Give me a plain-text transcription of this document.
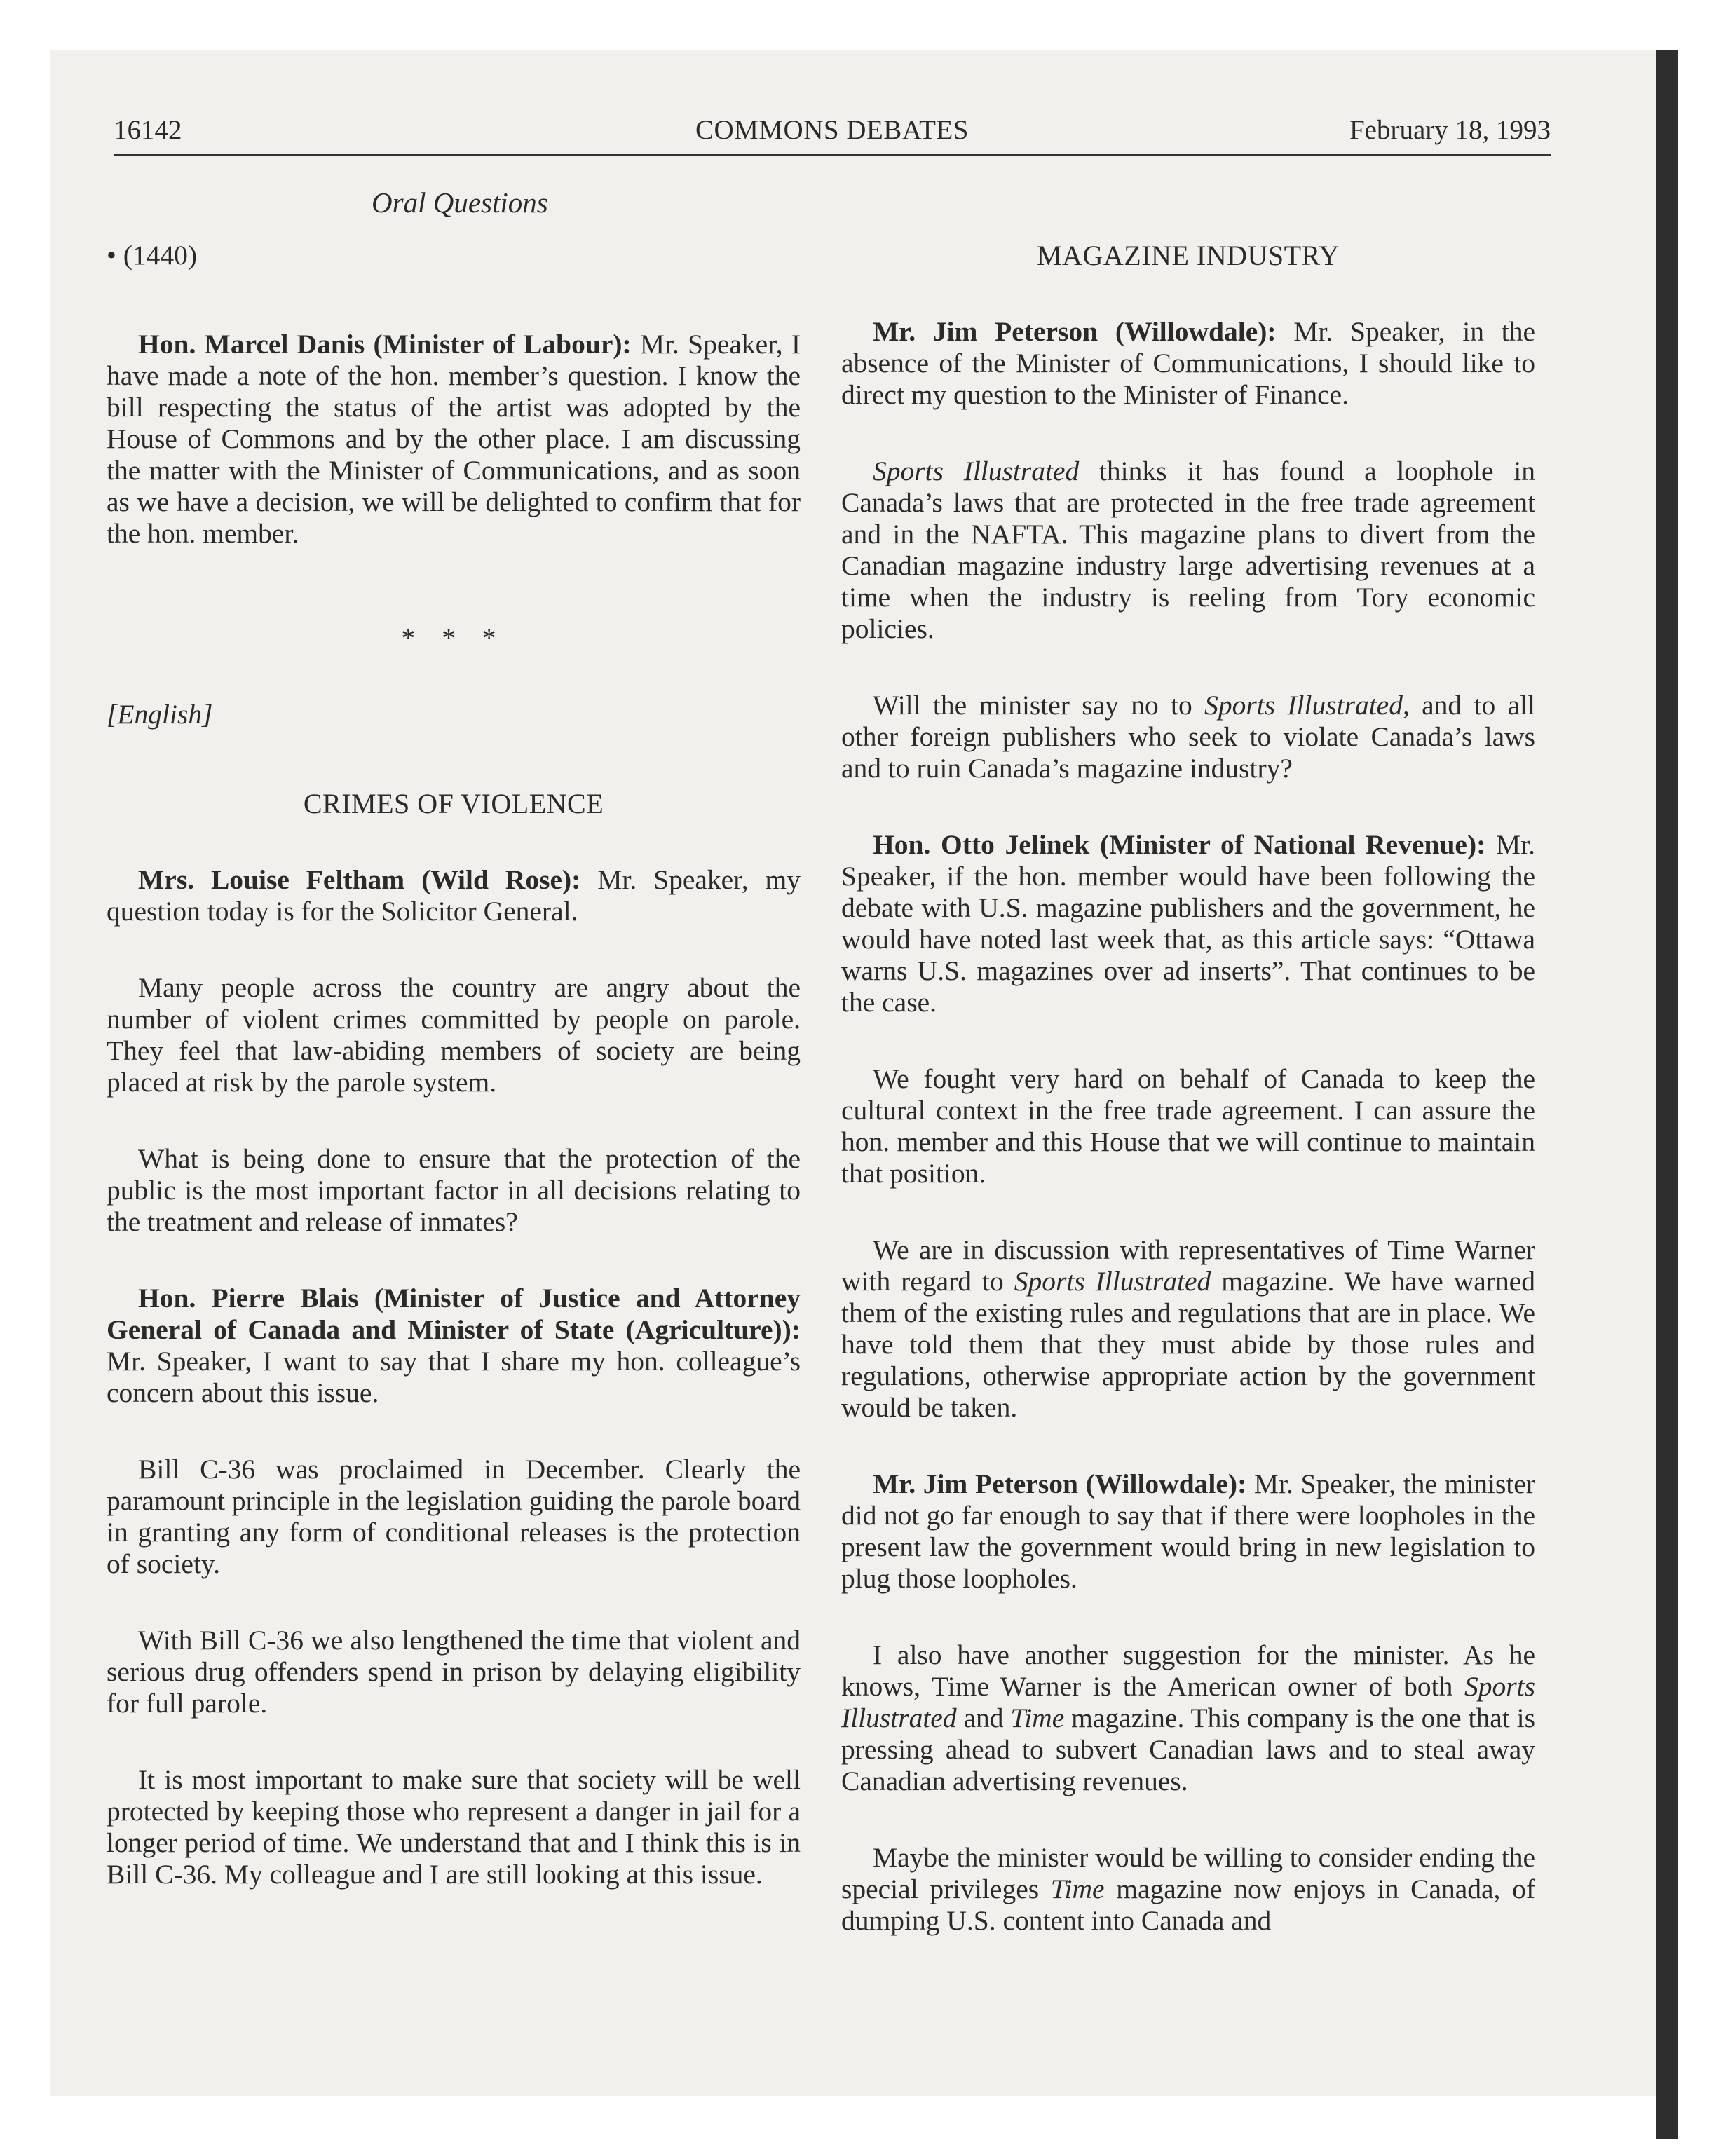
16142	COMMONS DEBATES	February 18, 1993
Oral Questions

• (1440)

Hon. Marcel Danis (Minister of Labour): Mr. Speaker, I have made a note of the hon. member’s question. I know the bill respecting the status of the artist was adopted by the House of Commons and by the other place. I am discussing the matter with the Minister of Communications, and as soon as we have a decision, we will be delighted to confirm that for the hon. member.

* * *

[English]

CRIMES OF VIOLENCE

Mrs. Louise Feltham (Wild Rose): Mr. Speaker, my question today is for the Solicitor General.

Many people across the country are angry about the number of violent crimes committed by people on parole. They feel that law-abiding members of society are being placed at risk by the parole system.

What is being done to ensure that the protection of the public is the most important factor in all decisions relating to the treatment and release of inmates?

Hon. Pierre Blais (Minister of Justice and Attorney General of Canada and Minister of State (Agriculture)): Mr. Speaker, I want to say that I share my hon. colleague’s concern about this issue.

Bill C-36 was proclaimed in December. Clearly the paramount principle in the legislation guiding the parole board in granting any form of conditional releases is the protection of society.

With Bill C-36 we also lengthened the time that violent and serious drug offenders spend in prison by delaying eligibility for full parole.

It is most important to make sure that society will be well protected by keeping those who represent a danger in jail for a longer period of time. We understand that and I think this is in Bill C-36. My colleague and I are still looking at this issue.

MAGAZINE INDUSTRY

Mr. Jim Peterson (Willowdale): Mr. Speaker, in the absence of the Minister of Communications, I should like to direct my question to the Minister of Finance.

Sports Illustrated thinks it has found a loophole in Canada’s laws that are protected in the free trade agreement and in the NAFTA. This magazine plans to divert from the Canadian magazine industry large advertising revenues at a time when the industry is reeling from Tory economic policies.

Will the minister say no to Sports Illustrated, and to all other foreign publishers who seek to violate Canada’s laws and to ruin Canada’s magazine industry?

Hon. Otto Jelinek (Minister of National Revenue): Mr. Speaker, if the hon. member would have been following the debate with U.S. magazine publishers and the government, he would have noted last week that, as this article says: “Ottawa warns U.S. magazines over ad inserts”. That continues to be the case.

We fought very hard on behalf of Canada to keep the cultural context in the free trade agreement. I can assure the hon. member and this House that we will continue to maintain that position.

We are in discussion with representatives of Time Warner with regard to Sports Illustrated magazine. We have warned them of the existing rules and regulations that are in place. We have told them that they must abide by those rules and regulations, otherwise appropriate action by the government would be taken.

Mr. Jim Peterson (Willowdale): Mr. Speaker, the minister did not go far enough to say that if there were loopholes in the present law the government would bring in new legislation to plug those loopholes.

I also have another suggestion for the minister. As he knows, Time Warner is the American owner of both Sports Illustrated and Time magazine. This company is the one that is pressing ahead to subvert Canadian laws and to steal away Canadian advertising revenues.

Maybe the minister would be willing to consider ending the special privileges Time magazine now enjoys in Canada, of dumping U.S. content into Canada and
